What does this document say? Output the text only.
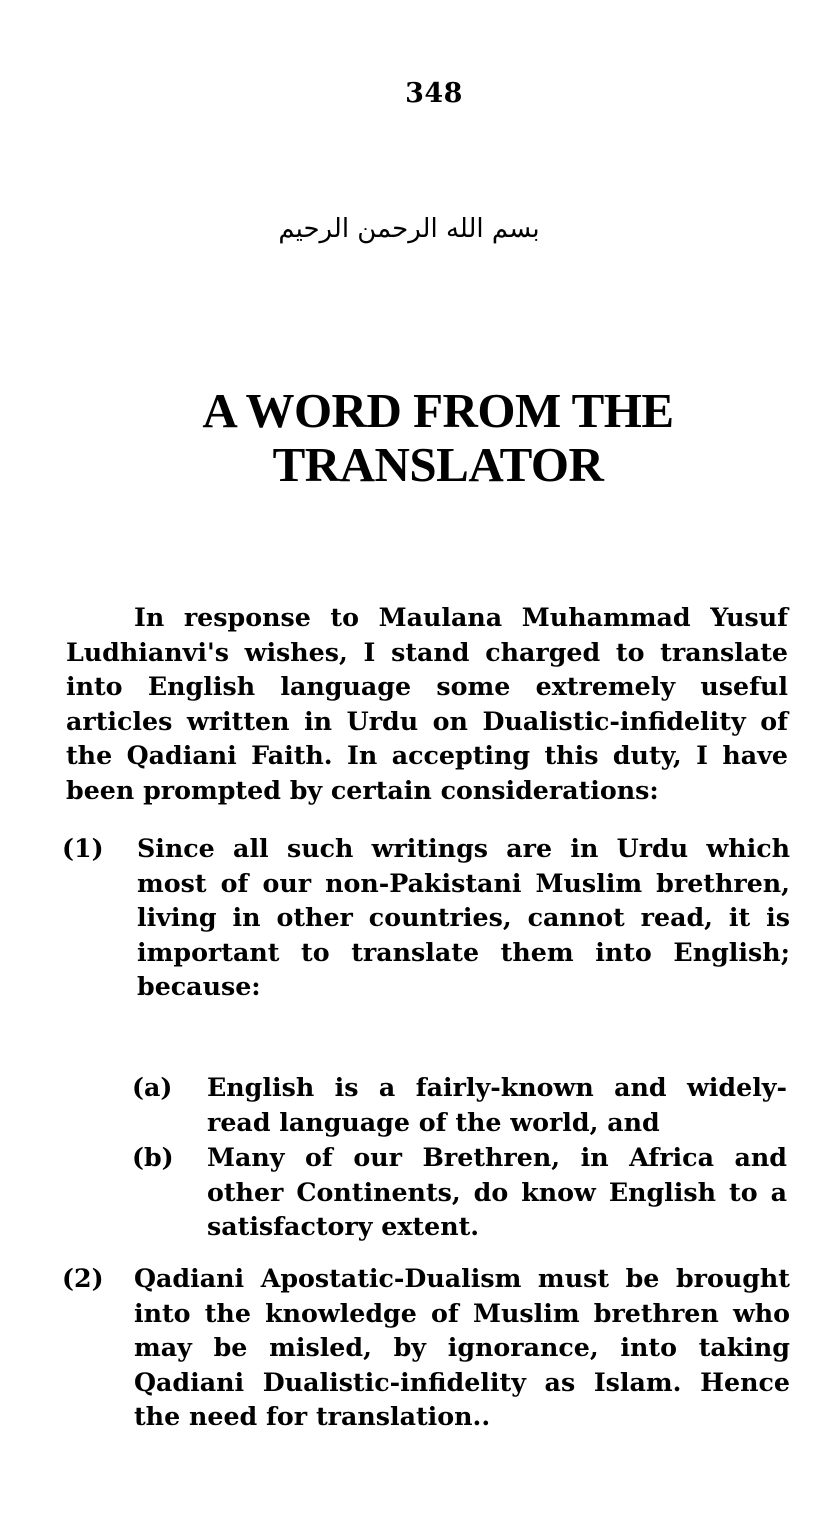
348
بسم الله الرحمن الرحيم
A WORD FROM THE
TRANSLATOR

In response to Maulana Muhammad Yusuf Ludhianvi's wishes, I stand charged to translate into English language some extremely useful articles written in Urdu on Dualistic-infidelity of the Qadiani Faith. In accepting this duty, I have been prompted by certain considerations:

(1) Since all such writings are in Urdu which most of our non-Pakistani Muslim brethren, living in other countries, cannot read, it is important to translate them into English; because:

(a) English is a fairly-known and widely-read language of the world, and

(b) Many of our Brethren, in Africa and other Continents, do know English to a satisfactory extent.

(2) Qadiani Apostatic-Dualism must be brought into the knowledge of Muslim brethren who may be misled, by ignorance, into taking Qadiani Dualistic-infidelity as Islam. Hence the need for translation..
